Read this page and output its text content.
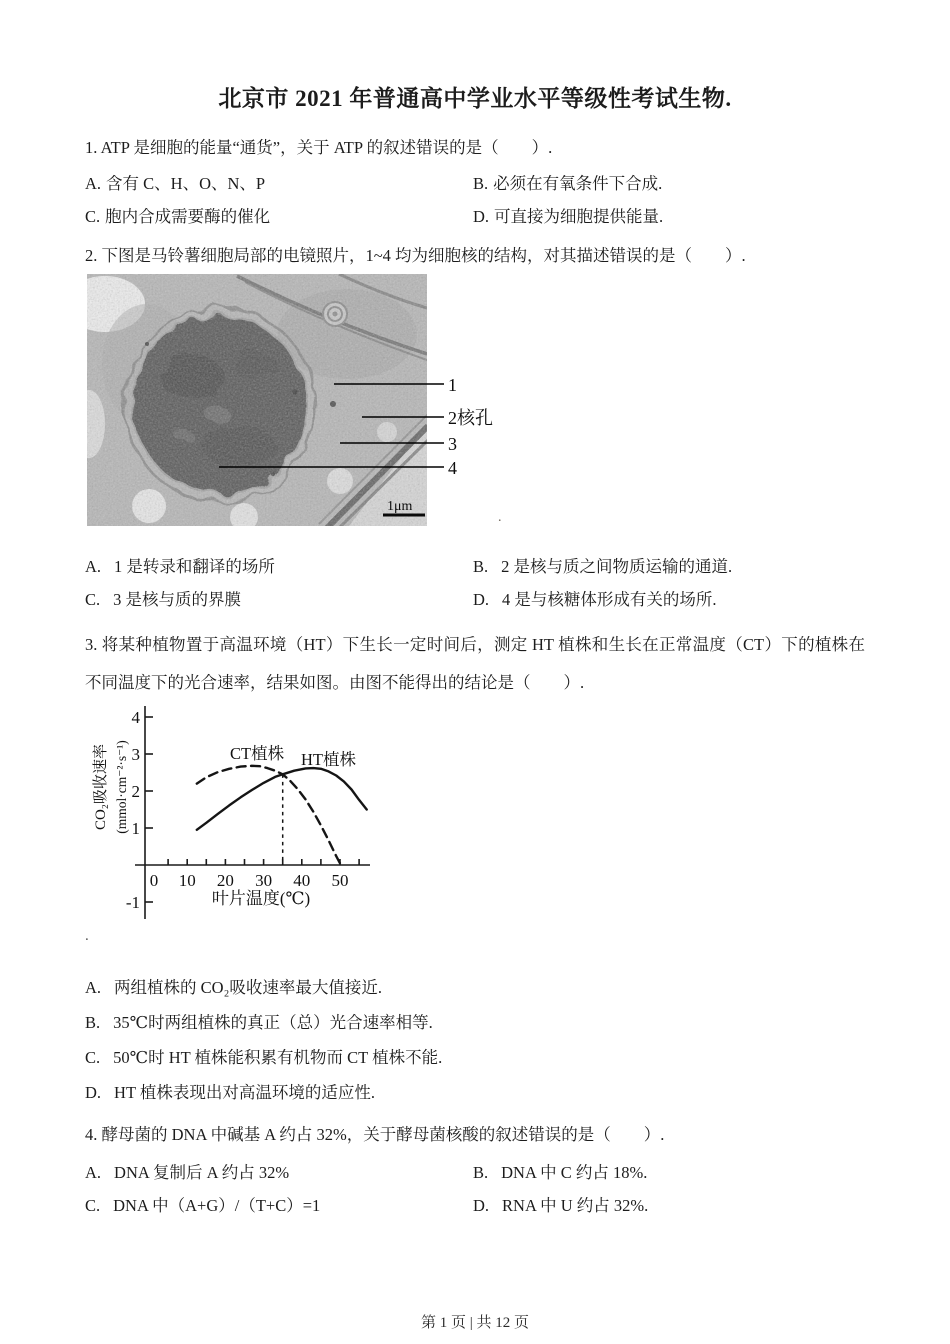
北京市 2021 年普通高中学业水平等级性考试生物.

1. ATP 是细胞的能量“通货”，关于 ATP 的叙述错误的是（　　）.

A. 含有 C、H、O、N、P	B. 必须在有氧条件下合成.
C. 胞内合成需要酶的催化	D. 可直接为细胞提供能量.

2. 下图是马铃薯细胞局部的电镜照片，1~4 均为细胞核的结构，对其描述错误的是（　　）.

1μm
1
2核孔
3
4
.
A. 1 是转录和翻译的场所	B. 2 是核与质之间物质运输的通道.
C. 3 是核与质的界膜	D. 4 是与核糖体形成有关的场所.

3. 将某种植物置于高温环境（HT）下生长一定时间后，测定 HT 植株和生长在正常温度（CT）下的植株在不同温度下的光合速率，结果如图。由图不能得出的结论是（　　）.

4
3
2
1
-1
0 10 20 30 40 50
CT植株 HT植株
叶片温度(℃)
CO₂吸收速率 (mmol·cm⁻²·s⁻¹)

.

A. 两组植株的 CO₂吸收速率最大值接近.
B. 35℃时两组植株的真正（总）光合速率相等.
C. 50℃时 HT 植株能积累有机物而 CT 植株不能.
D. HT 植株表现出对高温环境的适应性.

4. 酵母菌的 DNA 中碱基 A 约占 32%，关于酵母菌核酸的叙述错误的是（　　）.

A. DNA 复制后 A 约占 32%	B. DNA 中 C 约占 18%.
C. DNA 中（A+G）/（T+C）=1	D. RNA 中 U 约占 32%.
第 1 页 | 共 12 页
